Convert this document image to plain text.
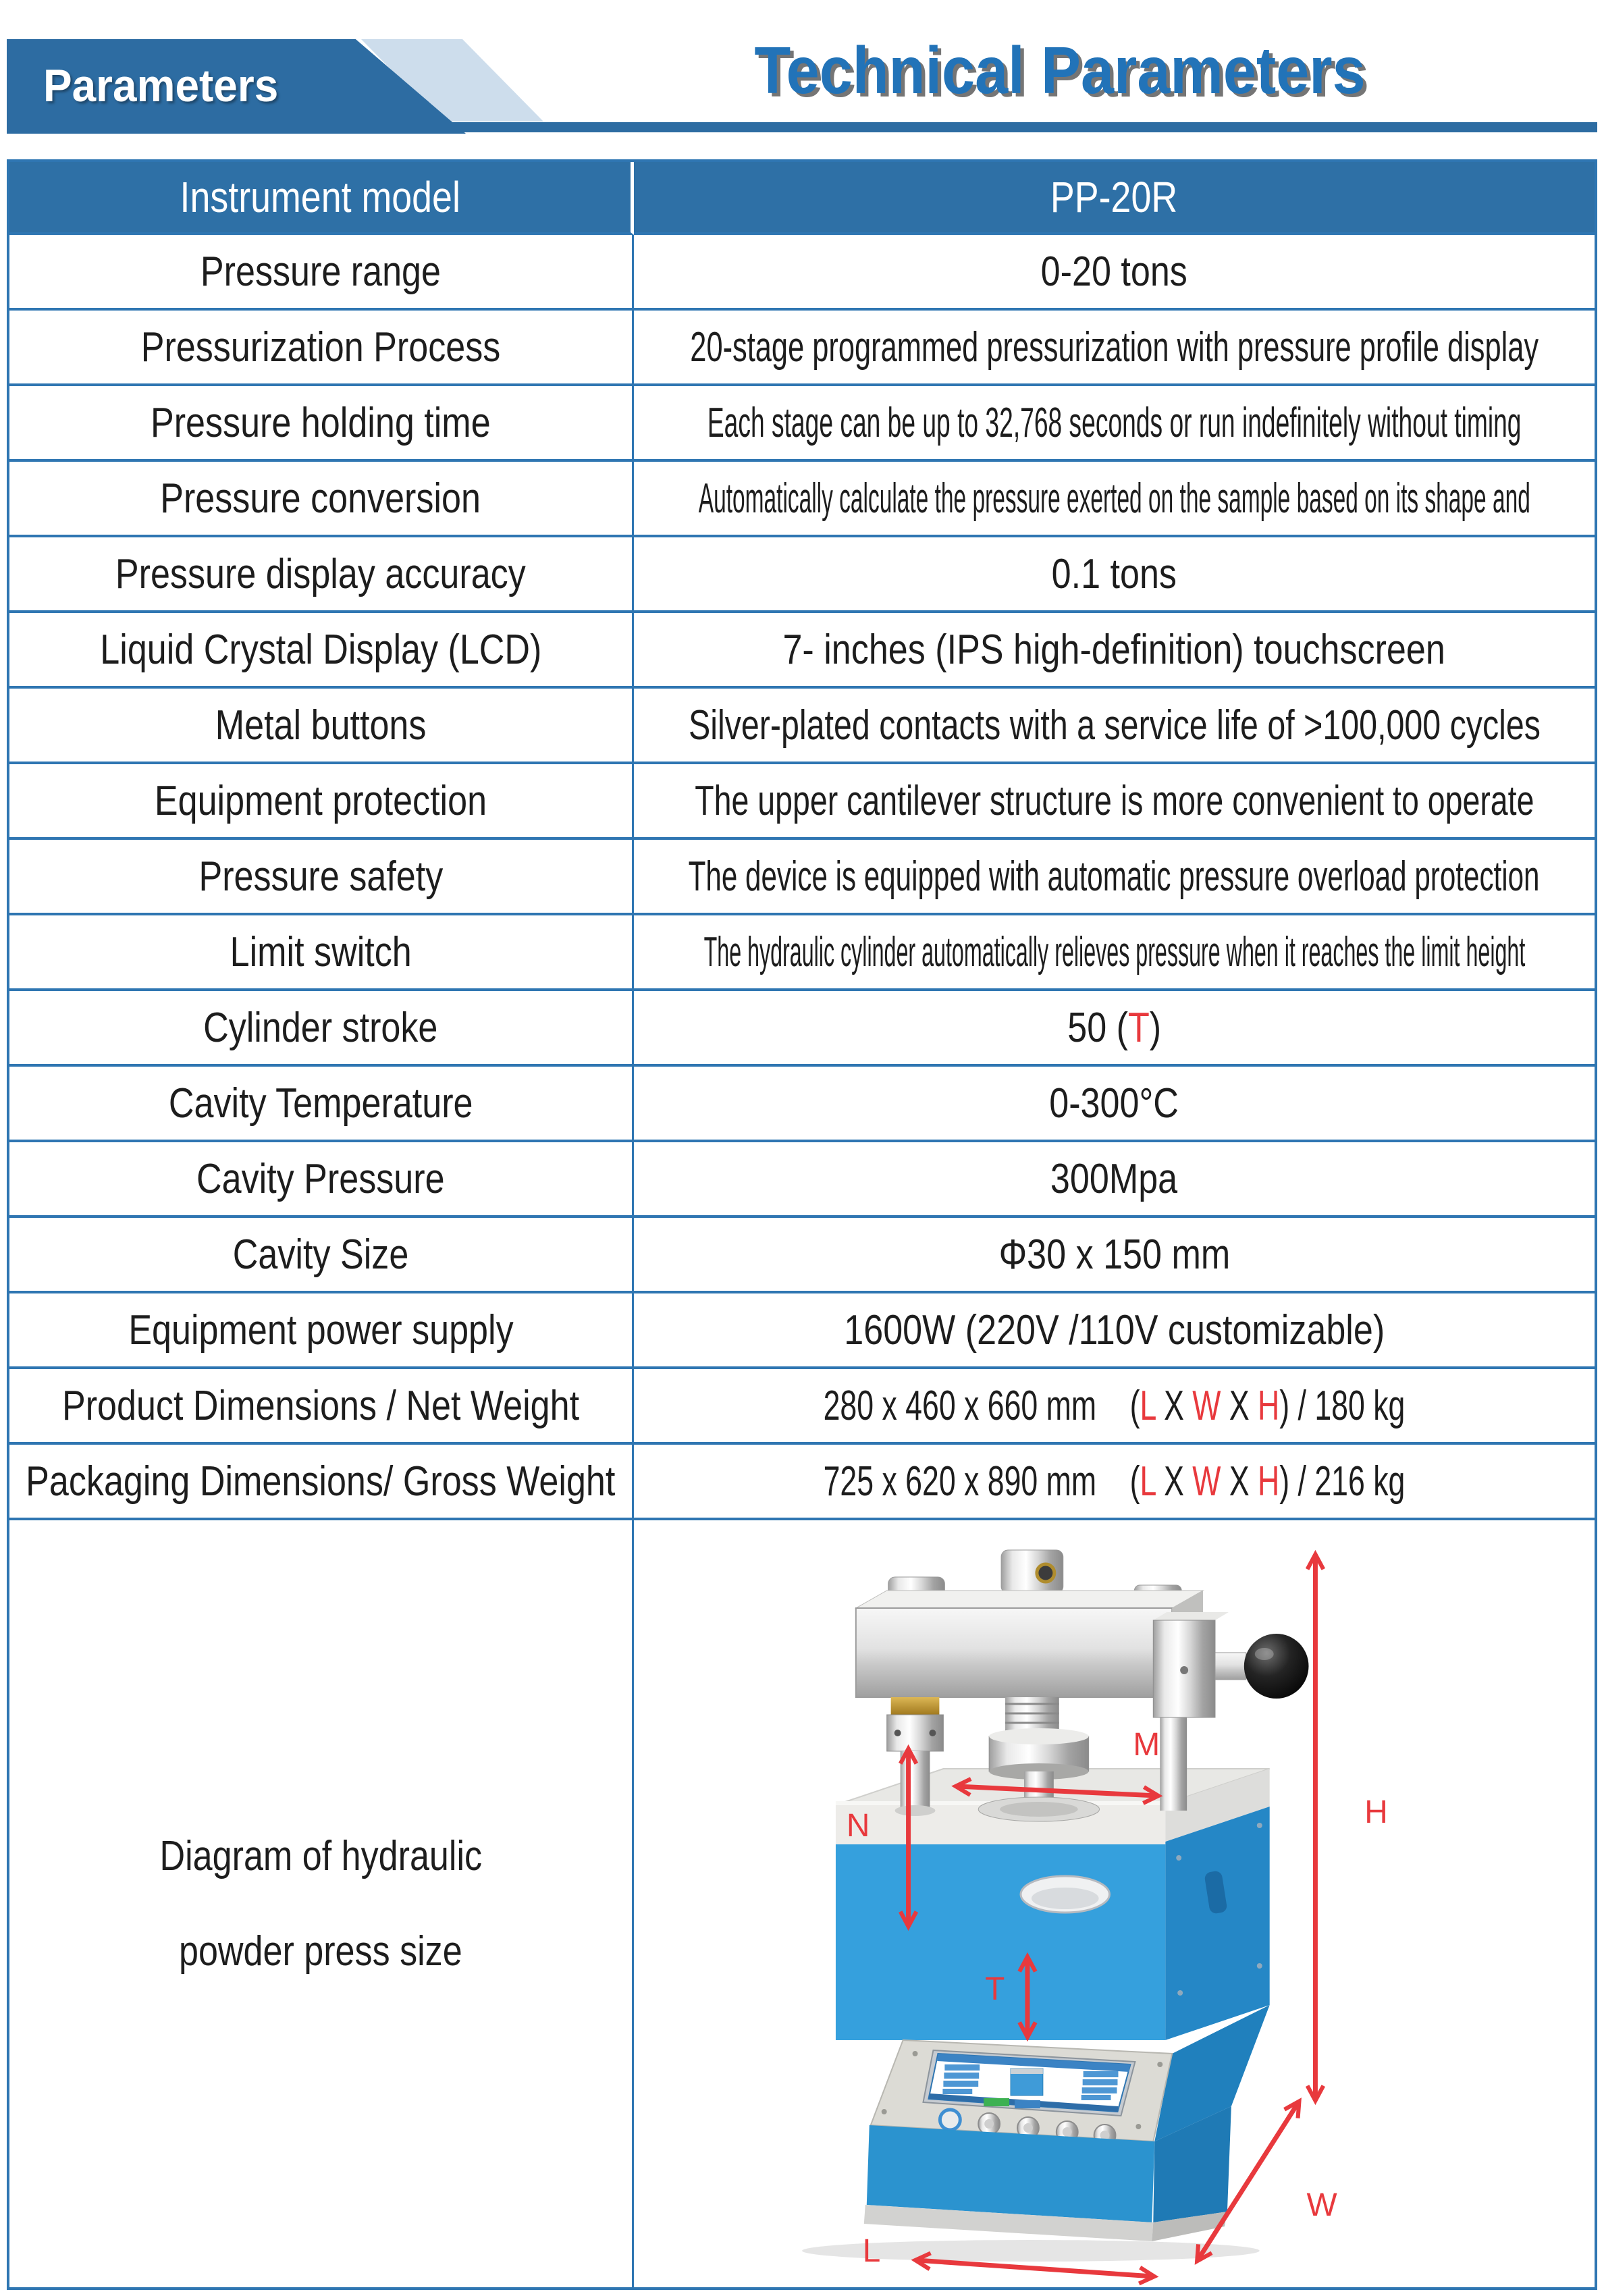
Parameters	Technical Parameters
Instrument model	PP-20R
Pressure range	0-20 tons
Pressurization Process	20-stage programmed pressurization with pressure profile display
Pressure holding time	Each stage can be up to 32,768 seconds or run indefinitely without timing
Pressure conversion	Automatically calculate the pressure exerted on the sample based on its shape and
Pressure display accuracy	0.1 tons
Liquid Crystal Display (LCD)	7- inches (IPS high-definition) touchscreen
Metal buttons	Silver-plated contacts with a service life of >100,000 cycles
Equipment protection	The upper cantilever structure is more convenient to operate
Pressure safety	The device is equipped with automatic pressure overload protection
Limit switch	The hydraulic cylinder automatically relieves pressure when it reaches the limit height
Cylinder stroke	50 (T)
Cavity Temperature	0-300°C
Cavity Pressure	300Mpa
Cavity Size	Φ30 x 150 mm
Equipment power supply	1600W (220V /110V customizable)
Product Dimensions / Net Weight	280 x 460 x 660 mm    (L X W X H) / 180 kg
Packaging Dimensions/ Gross Weight	725 x 620 x 890 mm    (L X W X H) / 216 kg
Diagram of hydraulic
powder press size
M
N
T
H
W
L
